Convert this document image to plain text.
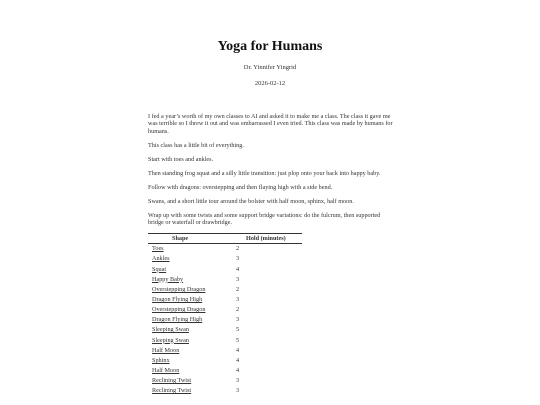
Yoga for Humans
Dr. Yinnifer Yingrid
2026-02-12

I fed a year’s worth of my own classes to AI and asked it to make me a class. The class it gave me was terrible so I threw it out and was embarrassed I even tried. This class was made by humans for humans.

This class has a little bit of everything.

Start with toes and ankles.

Then standing frog squat and a silly little transition: just plop onto your back into happy baby.

Follow with dragons: overstepping and then flaying high with a side bend.

Swans, and a short little tour around the bolster with half moon, sphinx, half moon.

Wrap up with some twists and some support bridge variations: do the fulcrum, then supported bridge or waterfall or drawbridge.

Shape	Hold (minutes)
Toes	2
Ankles	3
Squat	4
Happy Baby	3
Overstepping Dragon	2
Dragon Flying High	3
Overstepping Dragon	2
Dragon Flying High	3
Sleeping Swan	5
Sleeping Swan	5
Half Moon	4
Sphinx	4
Half Moon	4
Reclining Twist	3
Reclining Twist	3
